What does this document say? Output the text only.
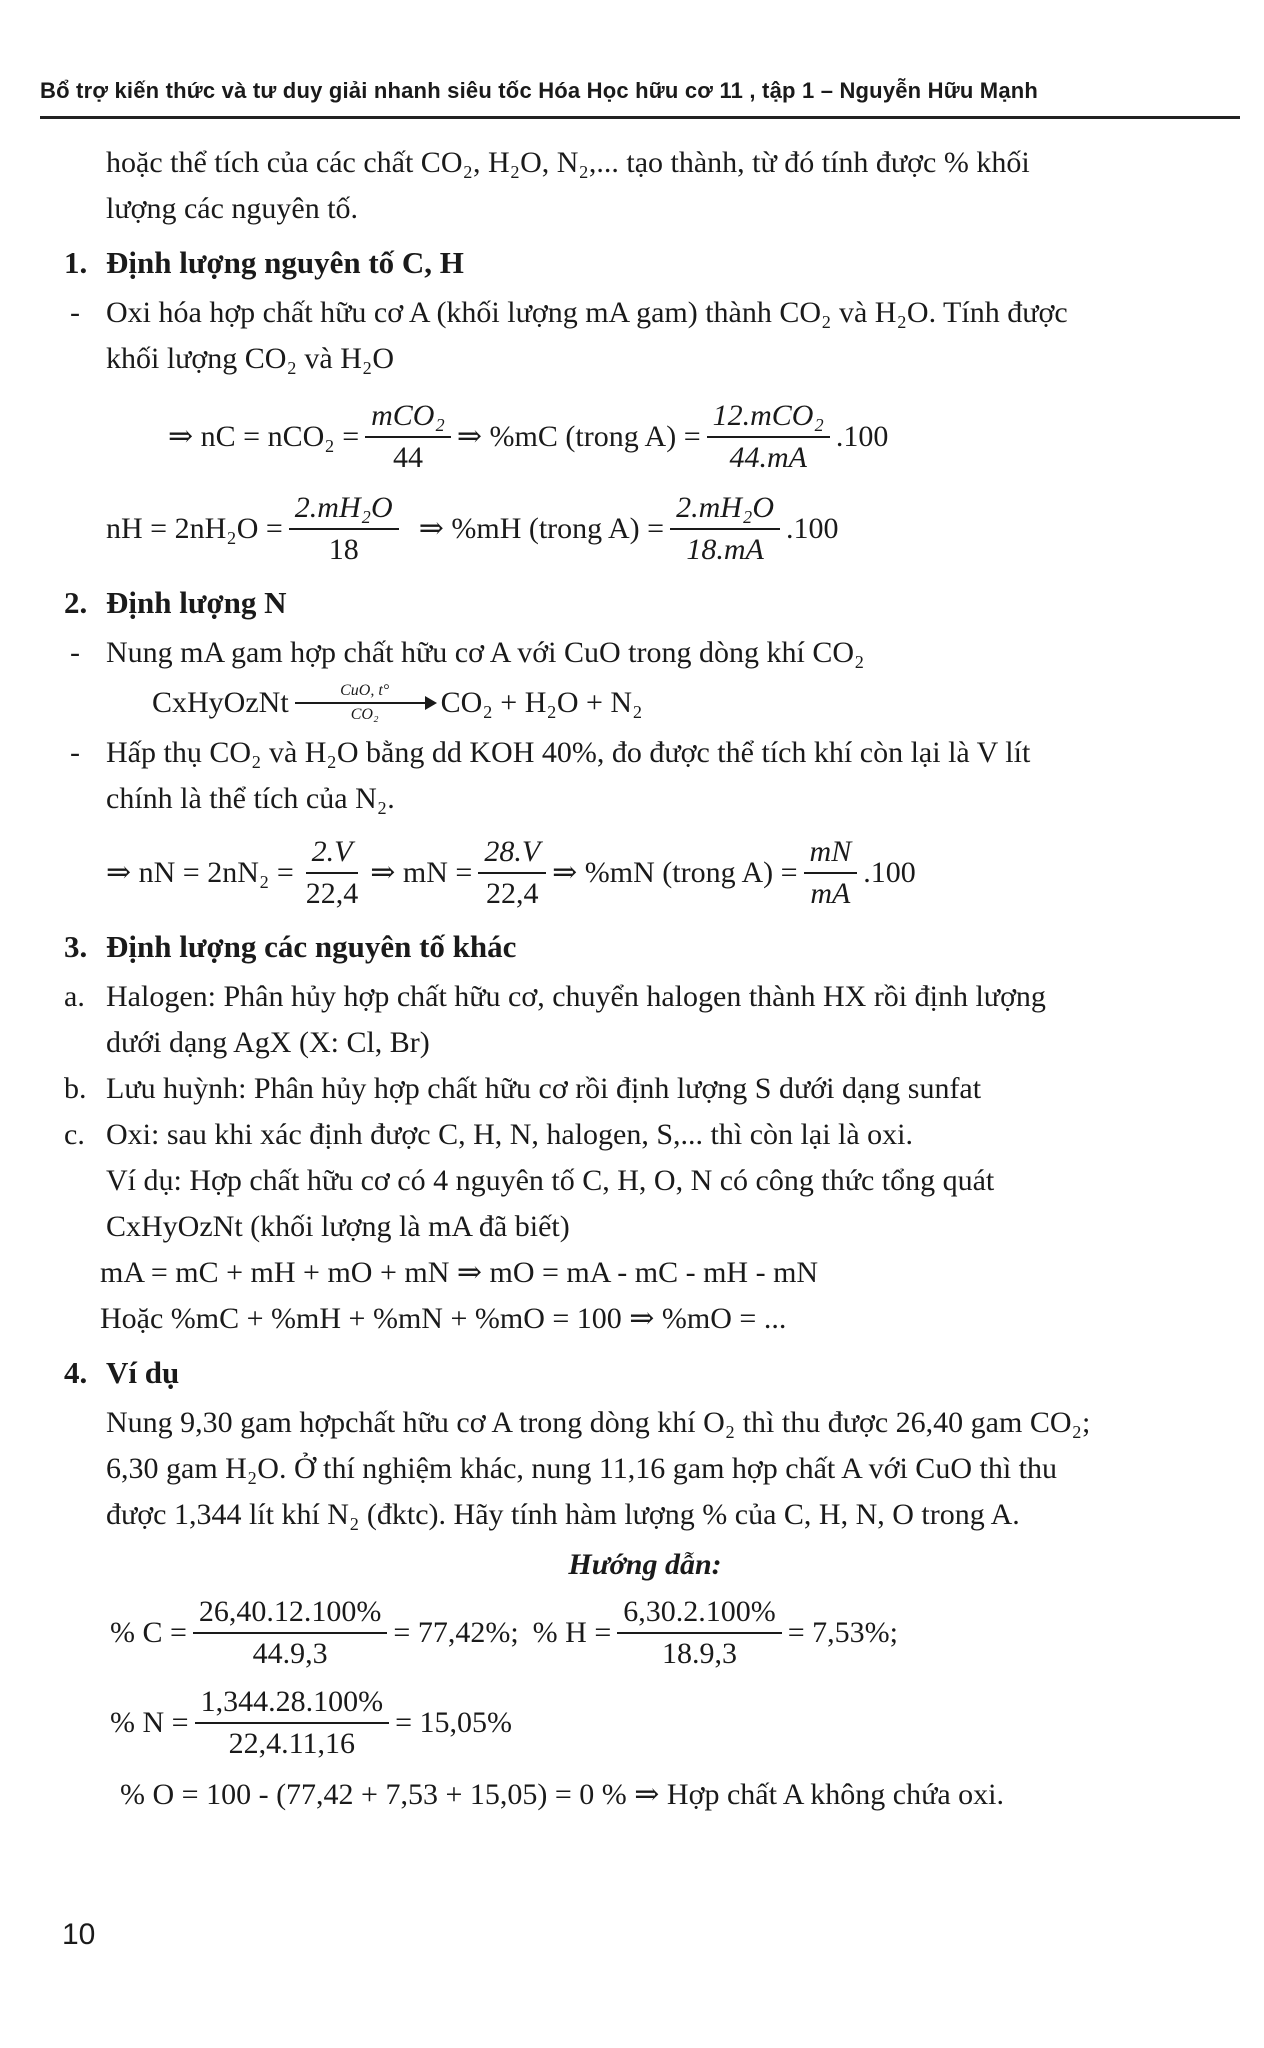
Bổ trợ kiến thức và tư duy giải nhanh siêu tốc Hóa Học hữu cơ 11 , tập 1 – Nguyễn Hữu Mạnh

hoặc thể tích của các chất CO₂, H₂O, N₂,... tạo thành, từ đó tính được % khối

lượng các nguyên tố.

1. Định lượng nguyên tố C, H
- Oxi hóa hợp chất hữu cơ A (khối lượng mA gam) thành CO₂ và H₂O. Tính được

khối lượng CO₂ và H₂O

⇒ nC = $nCO_2 = \frac{\text{mCO₂}}{44}$ ⇒ %mC (trong $A) = \frac{\text{12.mCO₂}}{44.mA} .100$
nH = $2nH_2O = \frac{\text{2.mH₂O}}{18}$ ⇒ %mH (trong $A) = \frac{\text{2.mH₂O}}{18.mA} .100$
2. Định lượng N
- Nung mA gam hợp chất hữu cơ A với CuO trong dòng khí CO₂

CxHyOzNt	CuO, t°
CO₂ CO₂ + H₂O + N₂
- Hấp thụ CO₂ và H₂O bằng dd KOH 40%, đo được thể tích khí còn lại là V lít

chính là thể tích của N₂.

⇒ nN = $2nN_2 = \frac{2.V}{22,4}$ ⇒ mN = $\frac{28.V}{22,4}$ ⇒ %mN (trong $A) = \frac{mN}{mA} .100$
3. Định lượng các nguyên tố khác
a. Halogen: Phân hủy hợp chất hữu cơ, chuyển halogen thành HX rồi định lượng

dưới dạng AgX (X: Cl, Br)

b. Lưu huỳnh: Phân hủy hợp chất hữu cơ rồi định lượng S dưới dạng sunfat

c. Oxi: sau khi xác định được C, H, N, halogen, S,... thì còn lại là oxi.

Ví dụ: Hợp chất hữu cơ có 4 nguyên tố C, H, O, N có công thức tổng quát

CxHyOzNt (khối lượng là mA đã biết)

mA = mC + mH + mO + mN ⇒ mO = mA - mC - mH - mN

Hoặc %mC + %mH + %mN + %mO = 100 ⇒ %mO = ...

4. Ví dụ

Nung 9,30 gam hợpchất hữu cơ A trong dòng khí O₂ thì thu được 26,40 gam CO₂;

6,30 gam H₂O. Ở thí nghiệm khác, nung 11,16 gam hợp chất A với CuO thì thu

được 1,344 lít khí N₂ (đktc). Hãy tính hàm lượng % của C, H, N, O trong A.

Hướng dẫn:

% $C = \frac{26,40.12.100\%}{44.9,3} = 77,42\%$; % $H = \frac{6,30.2.100\%}{18.9,3} = 7,53\%$;
% $N = \frac{1,344.28.100\%}{22,4.11,16} = 15,05\%$

% O = 100 - (77,42 + 7,53 + 15,05) = 0 % ⇒ Hợp chất A không chứa oxi.

10
